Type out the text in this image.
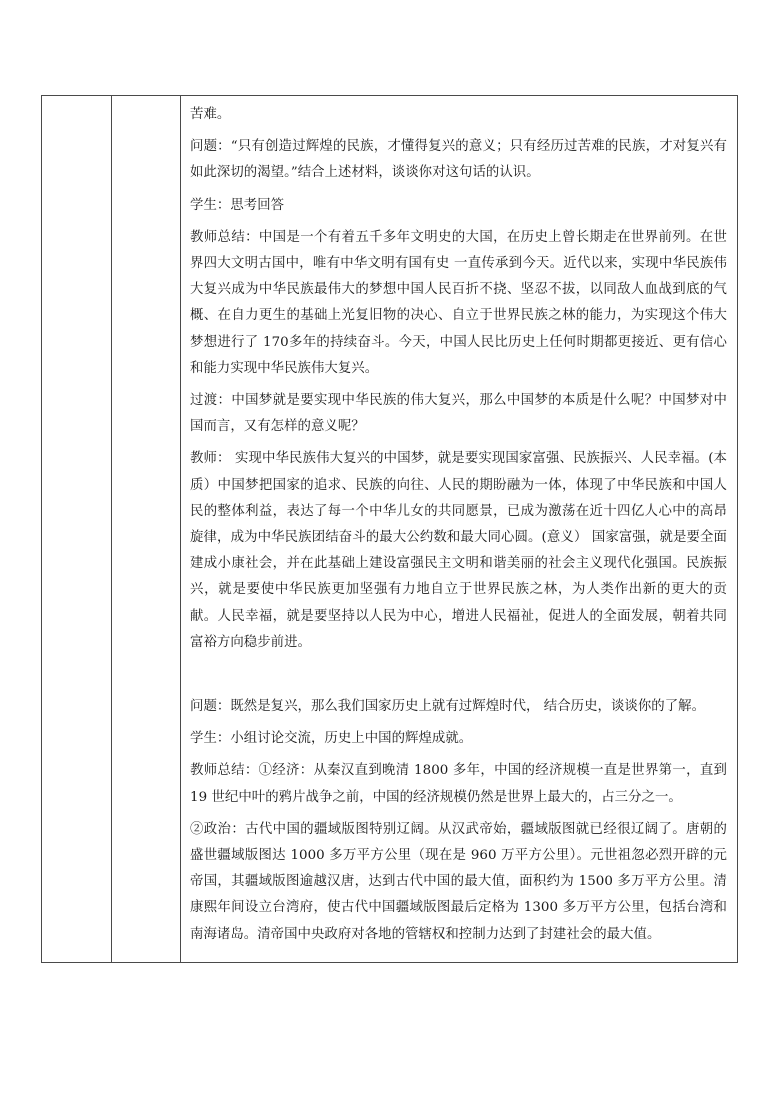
苦难。

问题：“只有创造过辉煌的民族，才懂得复兴的意义；只有经历过苦难的民族，才对复兴有如此深切的渴望。”结合上述材料，谈谈你对这句话的认识。

学生：思考回答

教师总结：中国是一个有着五千多年文明史的大国，在历史上曾长期走在世界前列。在世界四大文明古国中，唯有中华文明有国有史 一直传承到今天。近代以来，实现中华民族伟大复兴成为中华民族最伟大的梦想中国人民百折不挠、坚忍不拔，以同敌人血战到底的气概、在自力更生的基础上光复旧物的决心、自立于世界民族之林的能力，为实现这个伟大梦想进行了 170多年的持续奋斗。今天，中国人民比历史上任何时期都更接近、更有信心和能力实现中华民族伟大复兴。

过渡：中国梦就是要实现中华民族的伟大复兴，那么中国梦的本质是什么呢？中国梦对中国而言，又有怎样的意义呢？

教师： 实现中华民族伟大复兴的中国梦，就是要实现国家富强、民族振兴、人民幸福。(本质）中国梦把国家的追求、民族的向往、人民的期盼融为一体，体现了中华民族和中国人民的整体利益，表达了每一个中华儿女的共同愿景，已成为激荡在近十四亿人心中的高昂旋律，成为中华民族团结奋斗的最大公约数和最大同心圆。(意义） 国家富强，就是要全面建成小康社会，并在此基础上建设富强民主文明和谐美丽的社会主义现代化强国。民族振兴，就是要使中华民族更加坚强有力地自立于世界民族之林，为人类作出新的更大的贡献。人民幸福，就是要坚持以人民为中心，增进人民福祉，促进人的全面发展，朝着共同富裕方向稳步前进。

问题：既然是复兴，那么我们国家历史上就有过辉煌时代， 结合历史，谈谈你的了解。

学生：小组讨论交流，历史上中国的辉煌成就。

教师总结：①经济：从秦汉直到晚清 1800 多年，中国的经济规模一直是世界第一，直到 19 世纪中叶的鸦片战争之前，中国的经济规模仍然是世界上最大的，占三分之一。

②政治：古代中国的疆域版图特别辽阔。从汉武帝始，疆域版图就已经很辽阔了。唐朝的盛世疆域版图达 1000 多万平方公里（现在是 960 万平方公里）。元世祖忽必烈开辟的元帝国，其疆域版图逾越汉唐，达到古代中国的最大值，面积约为 1500 多万平方公里。清康熙年间设立台湾府，使古代中国疆域版图最后定格为 1300 多万平方公里，包括台湾和南海诸岛。清帝国中央政府对各地的管辖权和控制力达到了封建社会的最大值。
